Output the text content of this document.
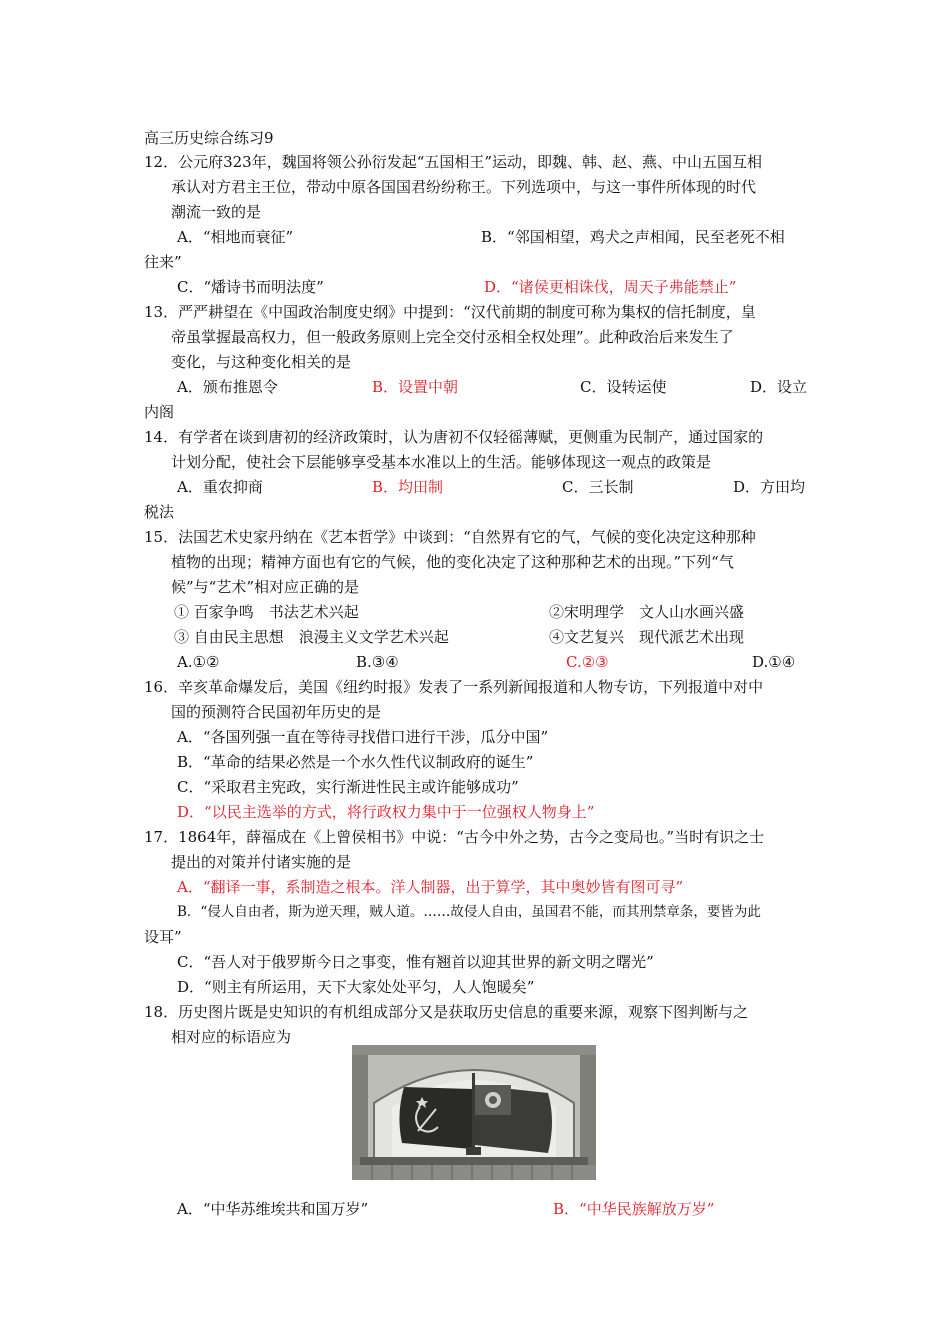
高三历史综合练习9
12．公元府323年，魏国将领公孙衍发起“五国相王”运动，即魏、韩、赵、燕、中山五国互相
承认对方君主王位，带动中原各国国君纷纷称王。下列选项中，与这一事件所体现的时代
潮流一致的是
A．“相地而衰征”	B．“邻国相望，鸡犬之声相闻，民至老死不相
往来”
C．“燔诗书而明法度”	D．“诸侯更相诛伐，周天子弗能禁止”
13．严严耕望在《中国政治制度史纲》中提到：“汉代前期的制度可称为集权的信托制度，皇
帝虽掌握最高权力，但一般政务原则上完全交付丞相全权处理”。此种政治后来发生了
变化，与这种变化相关的是
A．颁布推恩令	B．设置中朝	C．设转运使	D．设立
内阁
14．有学者在谈到唐初的经济政策时，认为唐初不仅轻徭薄赋，更侧重为民制产，通过国家的
计划分配，使社会下层能够享受基本水准以上的生活。能够体现这一观点的政策是
A．重农抑商	B．均田制	C．三长制	D．方田均
税法
15．法国艺术史家丹纳在《艺本哲学》中谈到：“自然界有它的气，气候的变化决定这种那种
植物的出现；精神方面也有它的气候，他的变化决定了这种那种艺术的出现。”下列“气
候”与“艺术”相对应正确的是
① 百家争鸣　书法艺术兴起	②宋明理学　文人山水画兴盛
③ 自由民主思想　浪漫主义文学艺术兴起	④文艺复兴　现代派艺术出现
A.①②	B.③④	C.②③	D.①④
16．辛亥革命爆发后，美国《纽约时报》发表了一系列新闻报道和人物专访，下列报道中对中
国的预测符合民国初年历史的是
A．“各国列强一直在等待寻找借口进行干涉，瓜分中国”
B．“革命的结果必然是一个水久性代议制政府的诞生”
C．“采取君主宪政，实行渐进性民主或许能够成功”
D．“以民主选举的方式，将行政权力集中于一位强权人物身上”
17．1864年，薛福成在《上曾侯相书》中说：“古今中外之势，古今之变局也。”当时有识之士
提出的对策并付诸实施的是
A．“翻译一事，系制造之根本。洋人制器，出于算学，其中奥妙皆有图可寻”
B．“侵人自由者，斯为逆天理，贼人道。……故侵人自由，虽国君不能，而其刑禁章条，要皆为此
设耳”
C．“吾人对于俄罗斯今日之事变，惟有翘首以迎其世界的新文明之曙光”
D．“则主有所运用，天下大家处处平匀，人人饱暖矣”
18．历史图片既是史知识的有机组成部分又是获取历史信息的重要来源，观察下图判断与之
相对应的标语应为
A．“中华苏维埃共和国万岁”	B．“中华民族解放万岁”
